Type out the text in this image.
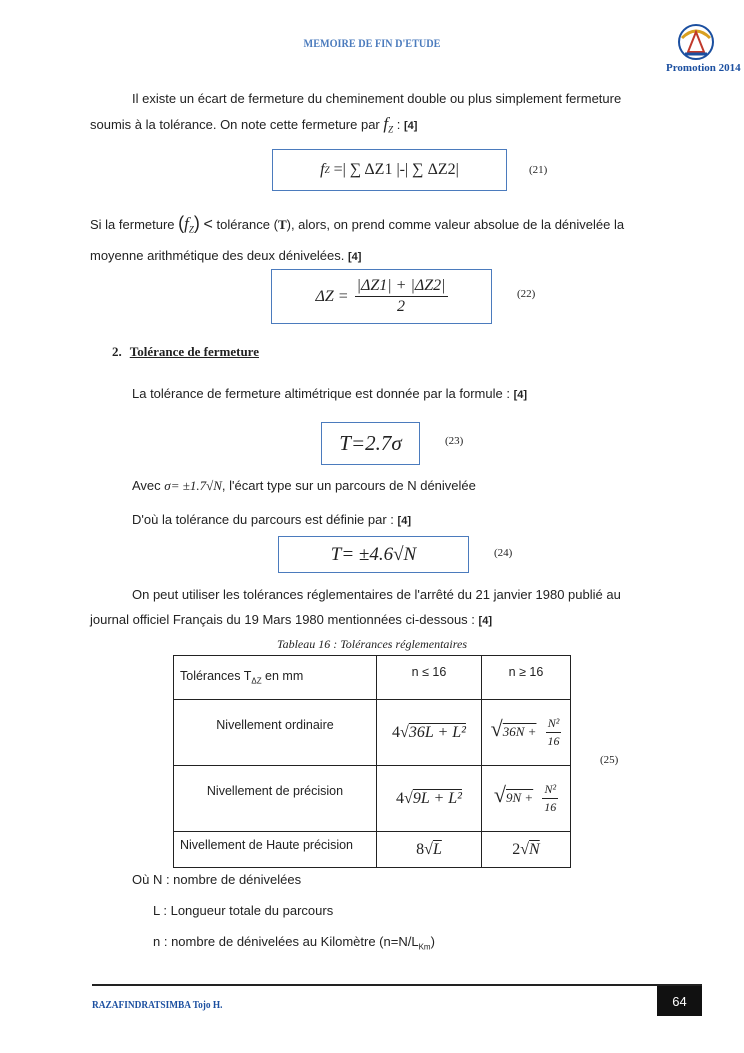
MEMOIRE DE FIN D'ETUDE
Promotion 2014
Il existe un écart de fermeture du cheminement double ou plus simplement fermeture soumis à la tolérance. On note cette fermeture par $f_Z$ : [4]
f Z =| ∑ ΔZ1 |-| ∑ ΔZ2|	(21)
Si la fermeture $(f_Z)$ < tolérance (T), alors, on prend comme valeur absolue de la dénivelée la moyenne arithmétique des deux dénivelées. [4]
$\Delta Z = \frac{|\Delta Z1| + |\Delta Z2|}{2}$	(22)
2. Tolérance de fermeture
La tolérance de fermeture altimétrique est donnée par la formule : [4]
T=2.7σ	(23)
Avec σ= ±1.7√N, l'écart type sur un parcours de N dénivelée
D'où la tolérance du parcours est définie par : [4]
T= ±4.6√N	(24)
On peut utiliser les tolérances réglementaires de l'arrêté du 21 janvier 1980 publié au journal officiel Français du 19 Mars 1980 mentionnées ci-dessous : [4]
Tableau 16 : Tolérances réglementaires
Tolérances $T_{\Delta Z}$ en mm	n ≤ 16	n ≥ 16
Nivellement ordinaire	4√36L + L²	$√36N + \frac{\text{N²}}{16}$

Nivellement de précision	4√9L + L²	$√9N + \frac{\text{N²}}{16}$

Nivellement de Haute précision	8√L	2√N
(25)
Où N : nombre de dénivelées
L : Longueur totale du parcours
n : nombre de dénivelées au Kilomètre $(n=N/L_{Km})$
RAZAFINDRATSIMBA Tojo H.	64
